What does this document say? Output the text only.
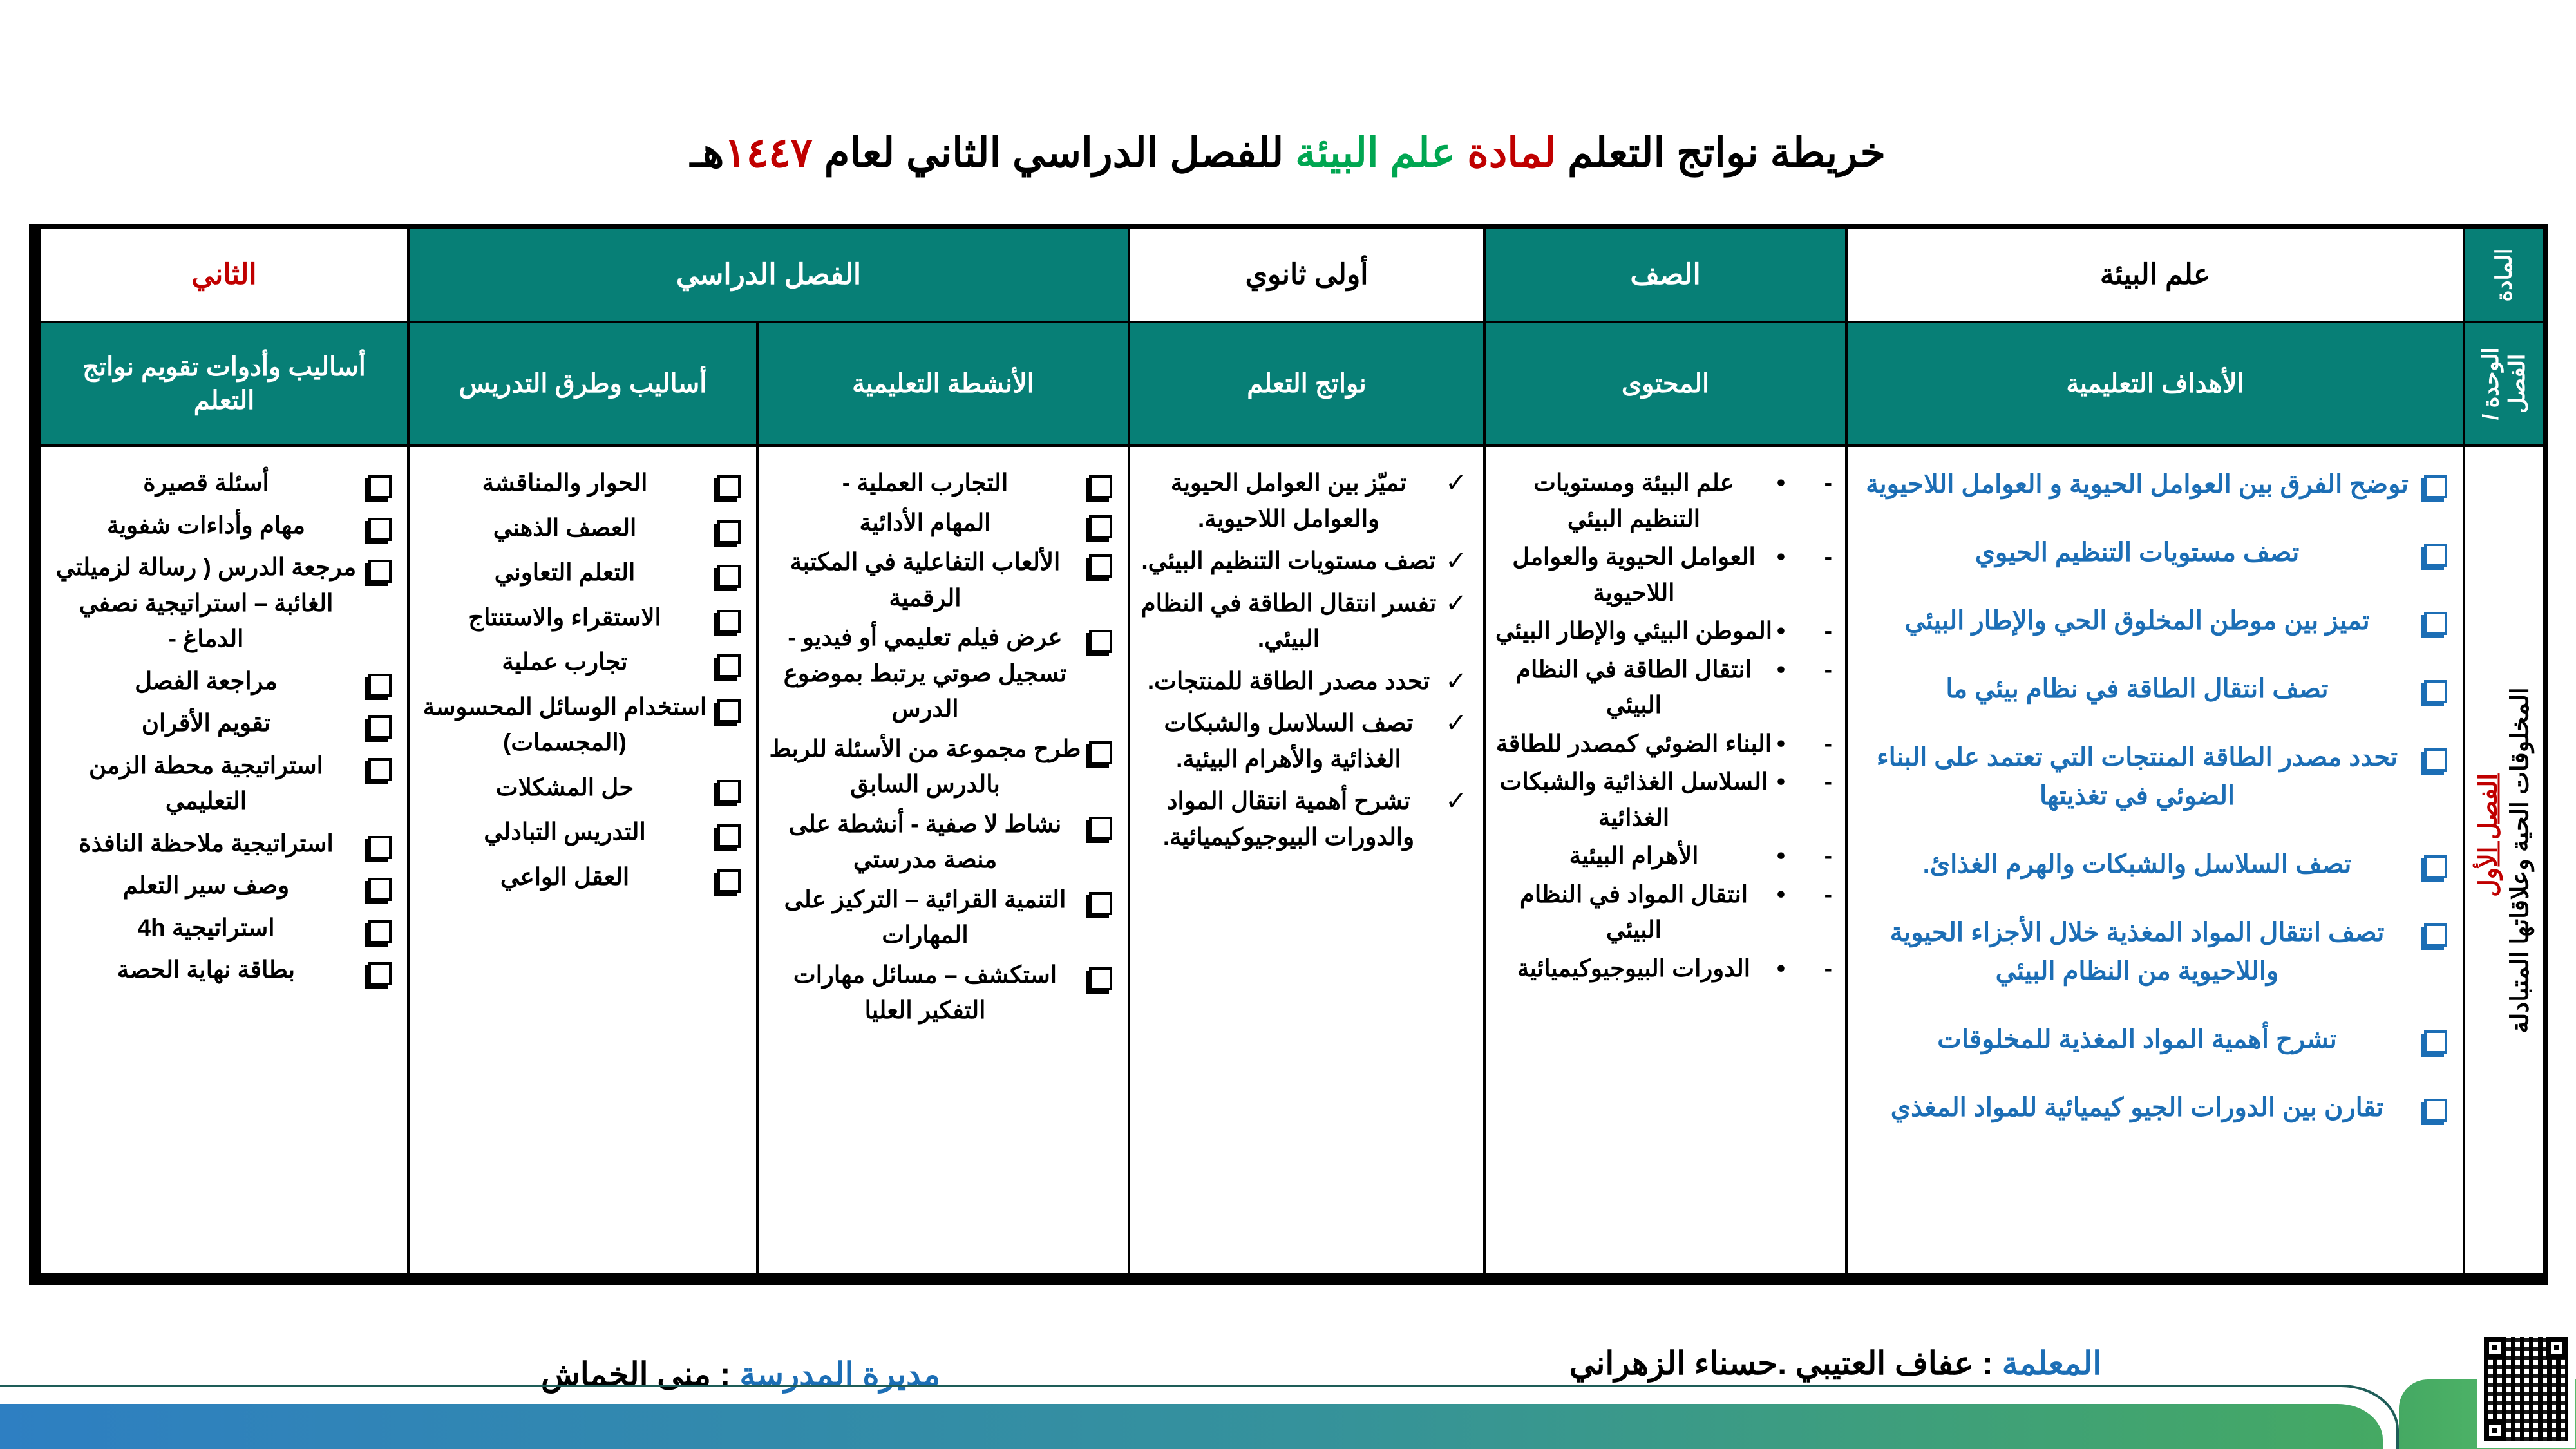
خريطة نواتج التعلم لمادة علم البيئة للفصل الدراسي الثاني لعام ١٤٤٧هـ
المادة
علم البيئة
الصف
أولى ثانوي
الفصل الدراسي
الثاني
الوحدة / الفصل
الأهداف التعليمية
المحتوى
نواتج التعلم
الأنشطة التعليمية
أساليب وطرق التدريس
أساليب وأدوات تقويم نواتج التعلم
الفصل الأول المخلوقات الحية وعلاقاتها المتبادلة
توضح الفرق بين العوامل الحيوية و العوامل اللاحيوية
تصف مستويات التنظيم الحيوي
تميز بين موطن المخلوق الحي والإطار البيئي
تصف انتقال الطاقة في نظام بيئي ما
تحدد مصدر الطاقة المنتجات التي تعتمد على البناء الضوئي في تغذيتها
تصف السلاسل والشبكات والهرم الغذائ.
تصف انتقال المواد المغذية خلال الأجزاء الحيوية واللاحيوية من النظام البيئي
تشرح أهمية المواد المغذية للمخلوقات
تقارن بين الدورات الجيو كيميائية للمواد المغذي
-
•
علم البيئة ومستويات التنظيم البيئي
-
•
العوامل الحيوية والعوامل اللاحيوية
-
•
الموطن البيئي والإطار البيئي
-
•
انتقال الطاقة في النظام البيئي
-
•
البناء الضوئي كمصدر للطاقة
-
•
السلاسل الغذائية والشبكات الغذائية
-
•
الأهرام البيئية
-
•
انتقال المواد في النظام البيئي
-
•
الدورات البيوجيوكيميائية
✓
تميّز بين العوامل الحيوية والعوامل اللاحيوية.
✓
تصف مستويات التنظيم البيئي.
✓
تفسر انتقال الطاقة في النظام البيئي.
✓
تحدد مصدر الطاقة للمنتجات.
✓
تصف السلاسل والشبكات الغذائية والأهرام البيئية.
✓
تشرح أهمية انتقال المواد والدورات البيوجيوكيميائية.
التجارب العملية -
المهام الأدائية
الألعاب التفاعلية في المكتبة الرقمية
عرض فيلم تعليمي أو فيديو - تسجيل صوتي يرتبط بموضوع الدرس
طرح مجموعة من الأسئلة للربط بالدرس السابق
نشاط لا صفية - أنشطة على منصة مدرستي
التنمية القرائية – التركيز على المهارات
استكشف – مسائل مهارات التفكير العليا
الحوار والمناقشة
العصف الذهني
التعلم التعاوني
الاستقراء والاستنتاج
تجارب عملية
استخدام الوسائل المحسوسة (المجسمات)
حل المشكلات
التدريس التبادلي
العقل الواعي
أسئلة قصيرة
مهام وأداءات شفوية
مرجعة الدرس ( رسالة لزميلتي الغائبة – استراتيجية نصفي الدماغ -
مراجعة الفصل
تقويم الأقران
استراتيجية محطة الزمن التعليمي
استراتيجية ملاحظة النافذة
وصف سير التعلم
استراتيجية 4h
بطاقة نهاية الحصة
المعلمة : عفاف العتيبي .حسناء الزهراني
مديرة المدرسة : منى الخماش
